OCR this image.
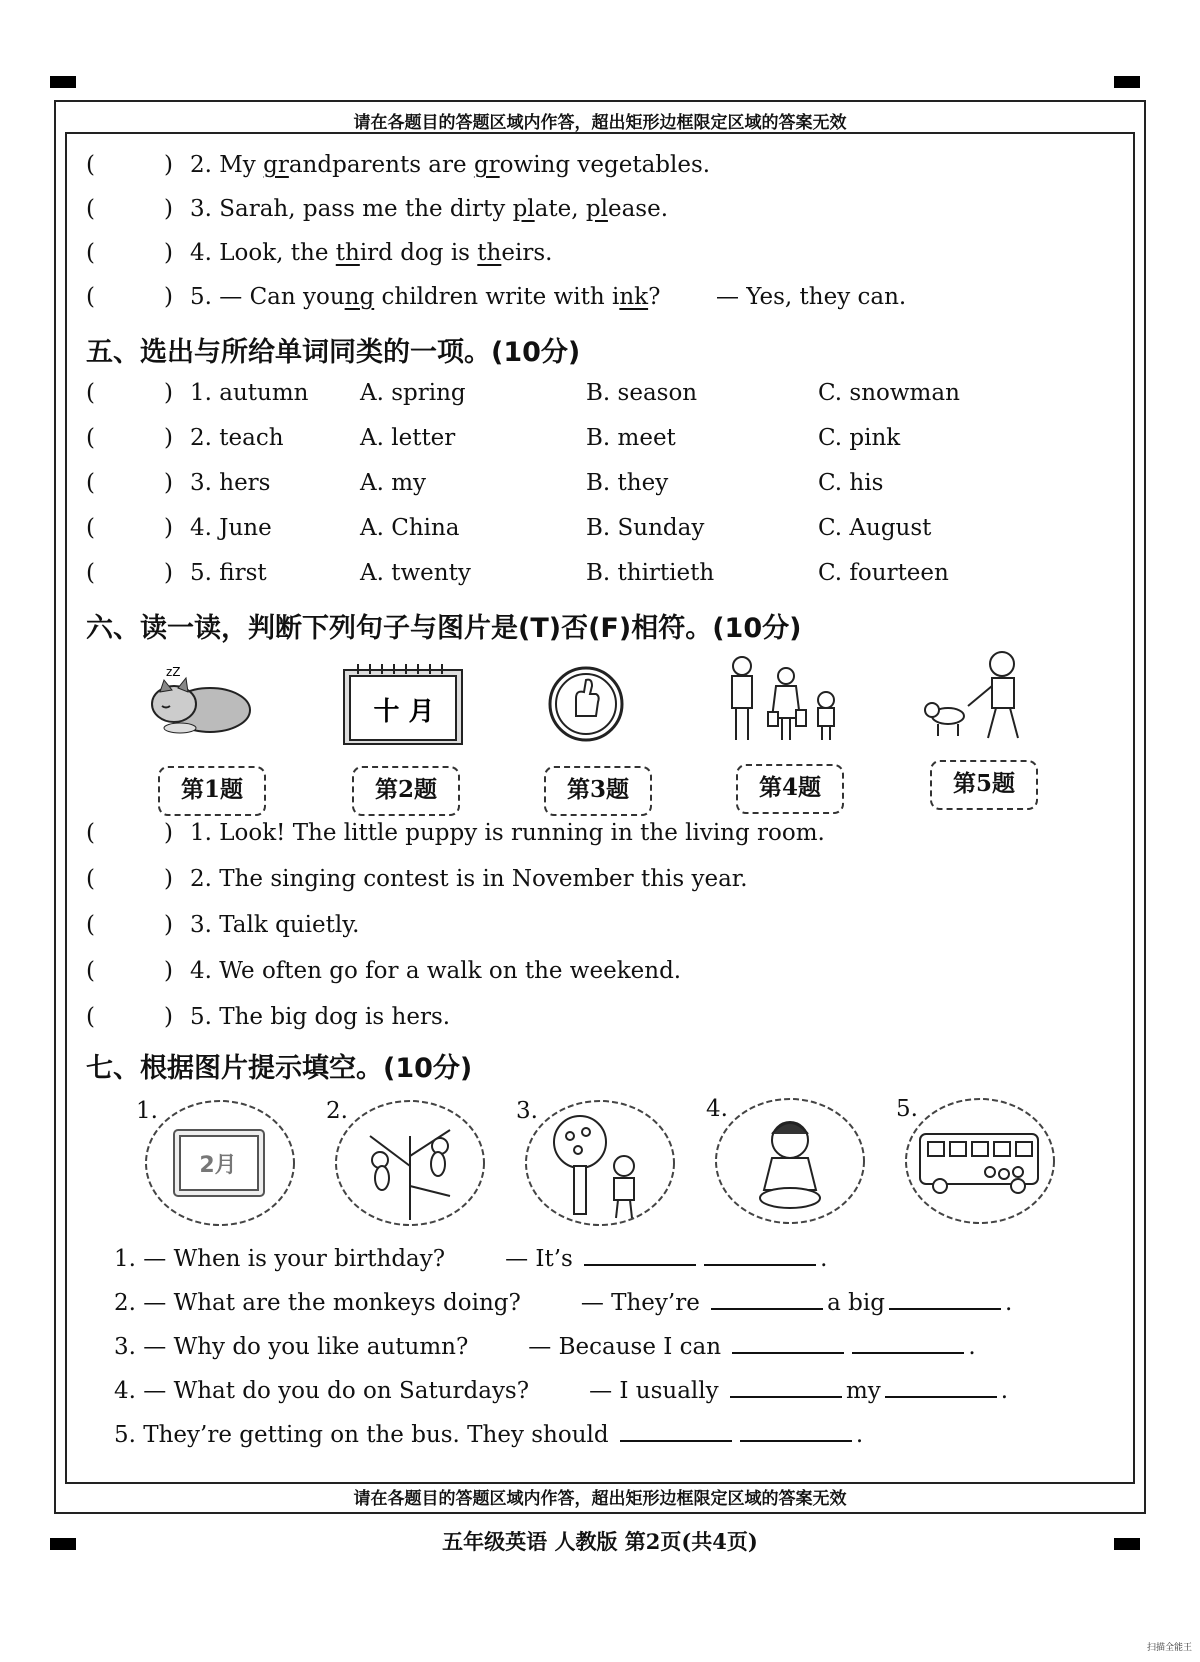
请在各题目的答题区域内作答，超出矩形边框限定区域的答案无效
请在各题目的答题区域内作答，超出矩形边框限定区域的答案无效
(	) 2. My grandparents are growing vegetables.
(	) 3. Sarah, pass me the dirty plate, please.
(	) 4. Look, the third dog is theirs.
(	) 5. — Can young children write with ink? — Yes, they can.
五、选出与所给单词同类的一项。(10分)
(	) 1. autumn A. spring	B. season	C. snowman
(	) 2. teach	A. letter	B. meet	C. pink
(	) 3. hers	A. my	B. they	C. his
(	) 4. June	A. China	B. Sunday	C. August
(	) 5. first	A. twenty	B. thirtieth	C. fourteen
六、读一读，判断下列句子与图片是(T)否(F)相符。(10分)
zZ
十 月
第1题	第2题	第3题	第4题	第5题
(	) 1. Look! The little puppy is running in the living room.
(	) 2. The singing contest is in November this year.
(	) 3. Talk quietly.
(	) 4. We often go for a walk on the weekend.
(	) 5. The big dog is hers.
七、根据图片提示填空。(10分)
1.	2.	3.	4.	5.
2月
1. — When is your birthday?	— It’s	.
2. — What are the monkeys doing?	— They’re	a big	.
3. — Why do you like autumn?	— Because I can	.
4. — What do you do on Saturdays?	— I usually	my	.
5. They’re getting on the bus. They should	.
五年级英语 人教版 第2页(共4页)
扫描全能王
